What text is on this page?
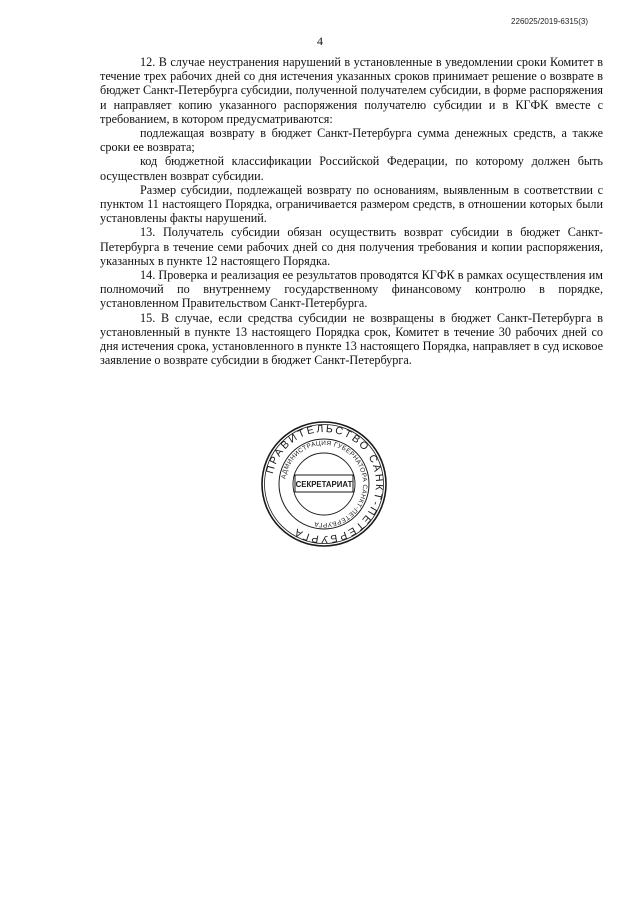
226025/2019-6315(3)
4

12. В случае неустранения нарушений в установленные в уведомлении сроки Комитет в течение трех рабочих дней со дня истечения указанных сроков принимает решение о возврате в бюджет Санкт-Петербурга субсидии, полученной получателем субсидии, в форме распоряжения и направляет копию указанного распоряжения получателю субсидии и в КГФК вместе с требованием, в котором предусматриваются:

подлежащая возврату в бюджет Санкт-Петербурга сумма денежных средств, а также сроки ее возврата;

код бюджетной классификации Российской Федерации, по которому должен быть осуществлен возврат субсидии.

Размер субсидии, подлежащей возврату по основаниям, выявленным в соответствии с пунктом 11 настоящего Порядка, ограничивается размером средств, в отношении которых были установлены факты нарушений.

13. Получатель субсидии обязан осуществить возврат субсидии в бюджет Санкт-Петербурга в течение семи рабочих дней со дня получения требования и копии распоряжения, указанных в пункте 12 настоящего Порядка.

14. Проверка и реализация ее результатов проводятся КГФК в рамках осуществления им полномочий по внутреннему государственному финансовому контролю в порядке, установленном Правительством Санкт-Петербурга.

15. В случае, если средства субсидии не возвращены в бюджет Санкт-Петербурга в установленный в пункте 13 настоящего Порядка срок, Комитет в течение 30 рабочих дней со дня истечения срока, установленного в пункте 13 настоящего Порядка, направляет в суд исковое заявление о возврате субсидии в бюджет Санкт-Петербурга.

ПРАВИТЕЛЬСТВО САНКТ-ПЕТЕРБУРГА
АДМИНИСТРАЦИЯ ГУБЕРНАТОРА САНКТ-ПЕТЕРБУРГА
СЕКРЕТАРИАТ
